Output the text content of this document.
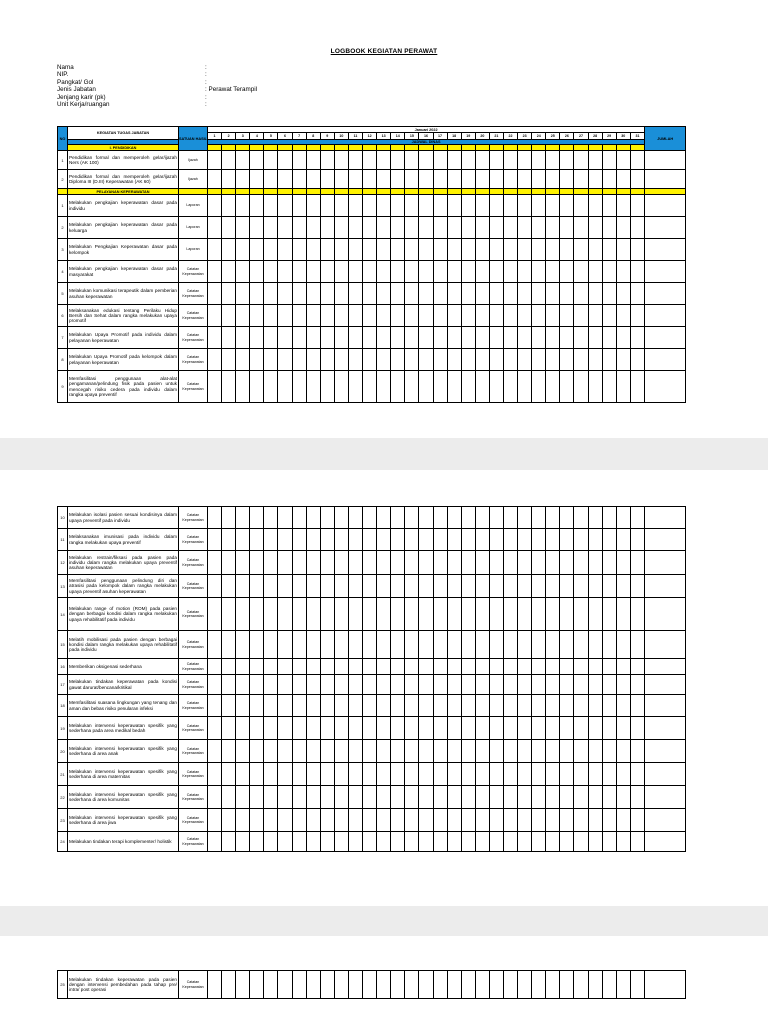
LOGBOOK KEGIATAN PERAWAT
Nama	:
NIP.	:
Pangkat/ Gol	:
Jenis Jabatan	: Perawat Terampil
Jenjang karir (pk)	:
Unit Kerja/ruangan	:
NO	KEGIATAN TUGAS JABATAN	SATUAN HASIL	Januari 2022																															JUMLAH
			1	2	3	4	5	6	7	8	9	10	11	12	13	14	15	16	17	18	19	20	21	22	23	24	25	26	27	28	29	30	31	
			JADWAL DINAS																															
	I. PENDIDIKAN																																	
1	Pendidikan formal dan memperoleh gelar/ijazah Ners (AK 100)	Ijazah																																
2	Pendidikan formal dan memperoleh gelar/ijazah Diploma III (D.III) Keperawatan (AK 60)	Ijazah																																
	PELAYANAN KEPERAWATAN																																	
1	Melakukan pengkajian keperawatan dasar pada individu	Laporan																																
2	Melakukan pengkajian keperawatan dasar pada keluarga	Laporan																																
3	Melakukan Pengkajian Keperawatan dasar pada kelompok	Laporan																																
4	Melakukan pengkajian keperawatan dasar pada masyarakat	Catatan Keperawatan																																
5	Melakukan komunikasi terapeutik dalam pemberian asuhan keperawatan	Catatan Keperawatan																																
6	Melaksanakan edukasi tentang Perilaku Hidup Bersih dan Sehat dalam rangka melakukan upaya promotif	Catatan Keperawatan																																
7	Melakukan Upaya Promotif pada individu dalam pelayanan keperawatan	Catatan Keperawatan																																
8	Melakukan Upaya Promotif pada kelompok dalam pelayanan keperawatan	Catatan Keperawatan																																
9	Memfasilitasi penggunaan alat-alat pengamanan/pelindung fisik pada pasien untuk mencegah risiko cedera pada individu dalam rangka upaya preventif	Catatan Keperawatan																																
10	Melakukan isolasi pasien sesuai kondisinya dalam upaya preventif pada individu	Catatan Keperawatan																																
11	Melaksanakan imunisasi pada individu dalam rangka melakukan upaya preventif	Catatan Keperawatan																																
12	Melakukan restrain/fiksasi pada pasien pada individu dalam rangka melakukan upaya preventif asuhan keperawatan	Catatan Keperawatan																																
13	Memfasilitasi penggunaan pelindung diri dan atrasisi pada kelompok dalam rangka melakukan upaya preventif asuhan keperawatan	Catatan Keperawatan																																
14	Melakukan range of motion (ROM) pada pasien dengan berbagai kondisi dalam rangka melakukan upaya rehabilitatif pada individu	Catatan Keperawatan																																
15	Melatih mobilisasi pada pasien dengan berbagai kondisi dalam rangka melakukan upaya rehabilitatif pada individu	Catatan Keperawatan																																
16	Memberikan oksigenasi sederhana	Catatan Keperawatan																																
17	Melakukan tindakan keperawatan pada kondisi gawat darurat/bencana/kritikal	Catatan Keperawatan																																
18	Memfasilitasi suasana lingkungan yang tenang dan aman dan bebas risiko penularan infeksi	Catatan Keperawatan																																
19	Melakukan intervensi keperawatan spesifik yang sederhana pada area medikal bedah	Catatan Keperawatan																																
20	Melakukan intervensi keperawatan spesifik yang sederhana di area anak	Catatan Keperawatan																																
21	Melakukan intervensi keperawatan spesifik yang sederhana di area maternitas	Catatan Keperawatan																																
22	Melakukan intervensi keperawatan spesifik yang sederhana di area komunitas	Catatan Keperawatan																																
23	Melakukan intervensi keperawatan spesifik yang sederhana di area jiwa	Catatan Keperawatan																																
24	Melakukan tindakan terapi komplementer/ holistik	Catatan Keperawatan																																
25	Melakukan tindakan keperawatan pada pasien dengan intervensi pembedahan pada tahap pre/ intra/ post operasi	Catatan Keperawatan																																
